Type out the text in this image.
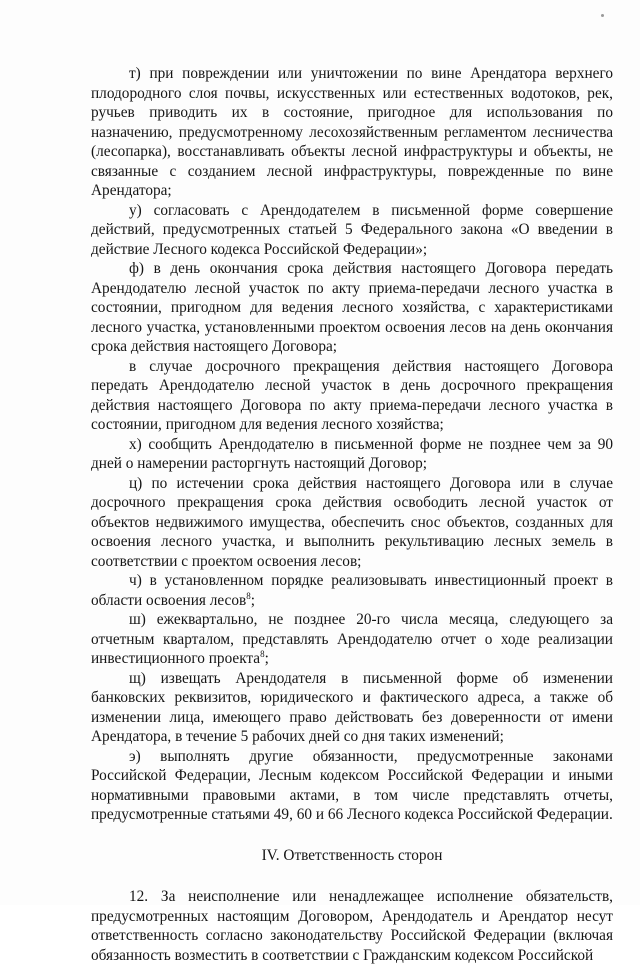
т) при повреждении или уничтожении по вине Арендатора верхнего плодородного слоя почвы, искусственных или естественных водотоков, рек, ручьев приводить их в состояние, пригодное для использования по назначению, предусмотренному лесохозяйственным регламентом лесничества (лесопарка), восстанавливать объекты лесной инфраструктуры и объекты, не связанные с созданием лесной инфраструктуры, поврежденные по вине Арендатора;

у) согласовать с Арендодателем в письменной форме совершение действий, предусмотренных статьей 5 Федерального закона «О введении в действие Лесного кодекса Российской Федерации»;

ф) в день окончания срока действия настоящего Договора передать Арендодателю лесной участок по акту приема-передачи лесного участка в состоянии, пригодном для ведения лесного хозяйства, с характеристиками лесного участка, установленными проектом освоения лесов на день окончания срока действия настоящего Договора;

в случае досрочного прекращения действия настоящего Договора передать Арендодателю лесной участок в день досрочного прекращения действия настоящего Договора по акту приема-передачи лесного участка в состоянии, пригодном для ведения лесного хозяйства;

х) сообщить Арендодателю в письменной форме не позднее чем за 90 дней о намерении расторгнуть настоящий Договор;

ц) по истечении срока действия настоящего Договора или в случае досрочного прекращения срока действия освободить лесной участок от объектов недвижимого имущества, обеспечить снос объектов, созданных для освоения лесного участка, и выполнить рекультивацию лесных земель в соответствии с проектом освоения лесов;

ч) в установленном порядке реализовывать инвестиционный проект в области освоения лесов$^8$;

ш) ежеквартально, не позднее 20-го числа месяца, следующего за отчетным кварталом, представлять Арендодателю отчет о ходе реализации инвестиционного проекта$^8$;

щ) извещать Арендодателя в письменной форме об изменении банковских реквизитов, юридического и фактического адреса, а также об изменении лица, имеющего право действовать без доверенности от имени Арендатора, в течение 5 рабочих дней со дня таких изменений;

э) выполнять другие обязанности, предусмотренные законами Российской Федерации, Лесным кодексом Российской Федерации и иными нормативными правовыми актами, в том числе представлять отчеты, предусмотренные статьями 49, 60 и 66 Лесного кодекса Российской Федерации.

IV. Ответственность сторон

12. За неисполнение или ненадлежащее исполнение обязательств, предусмотренных настоящим Договором, Арендодатель и Арендатор несут ответственность согласно законодательству Российской Федерации (включая обязанность возместить в соответствии с Гражданским кодексом Российской
